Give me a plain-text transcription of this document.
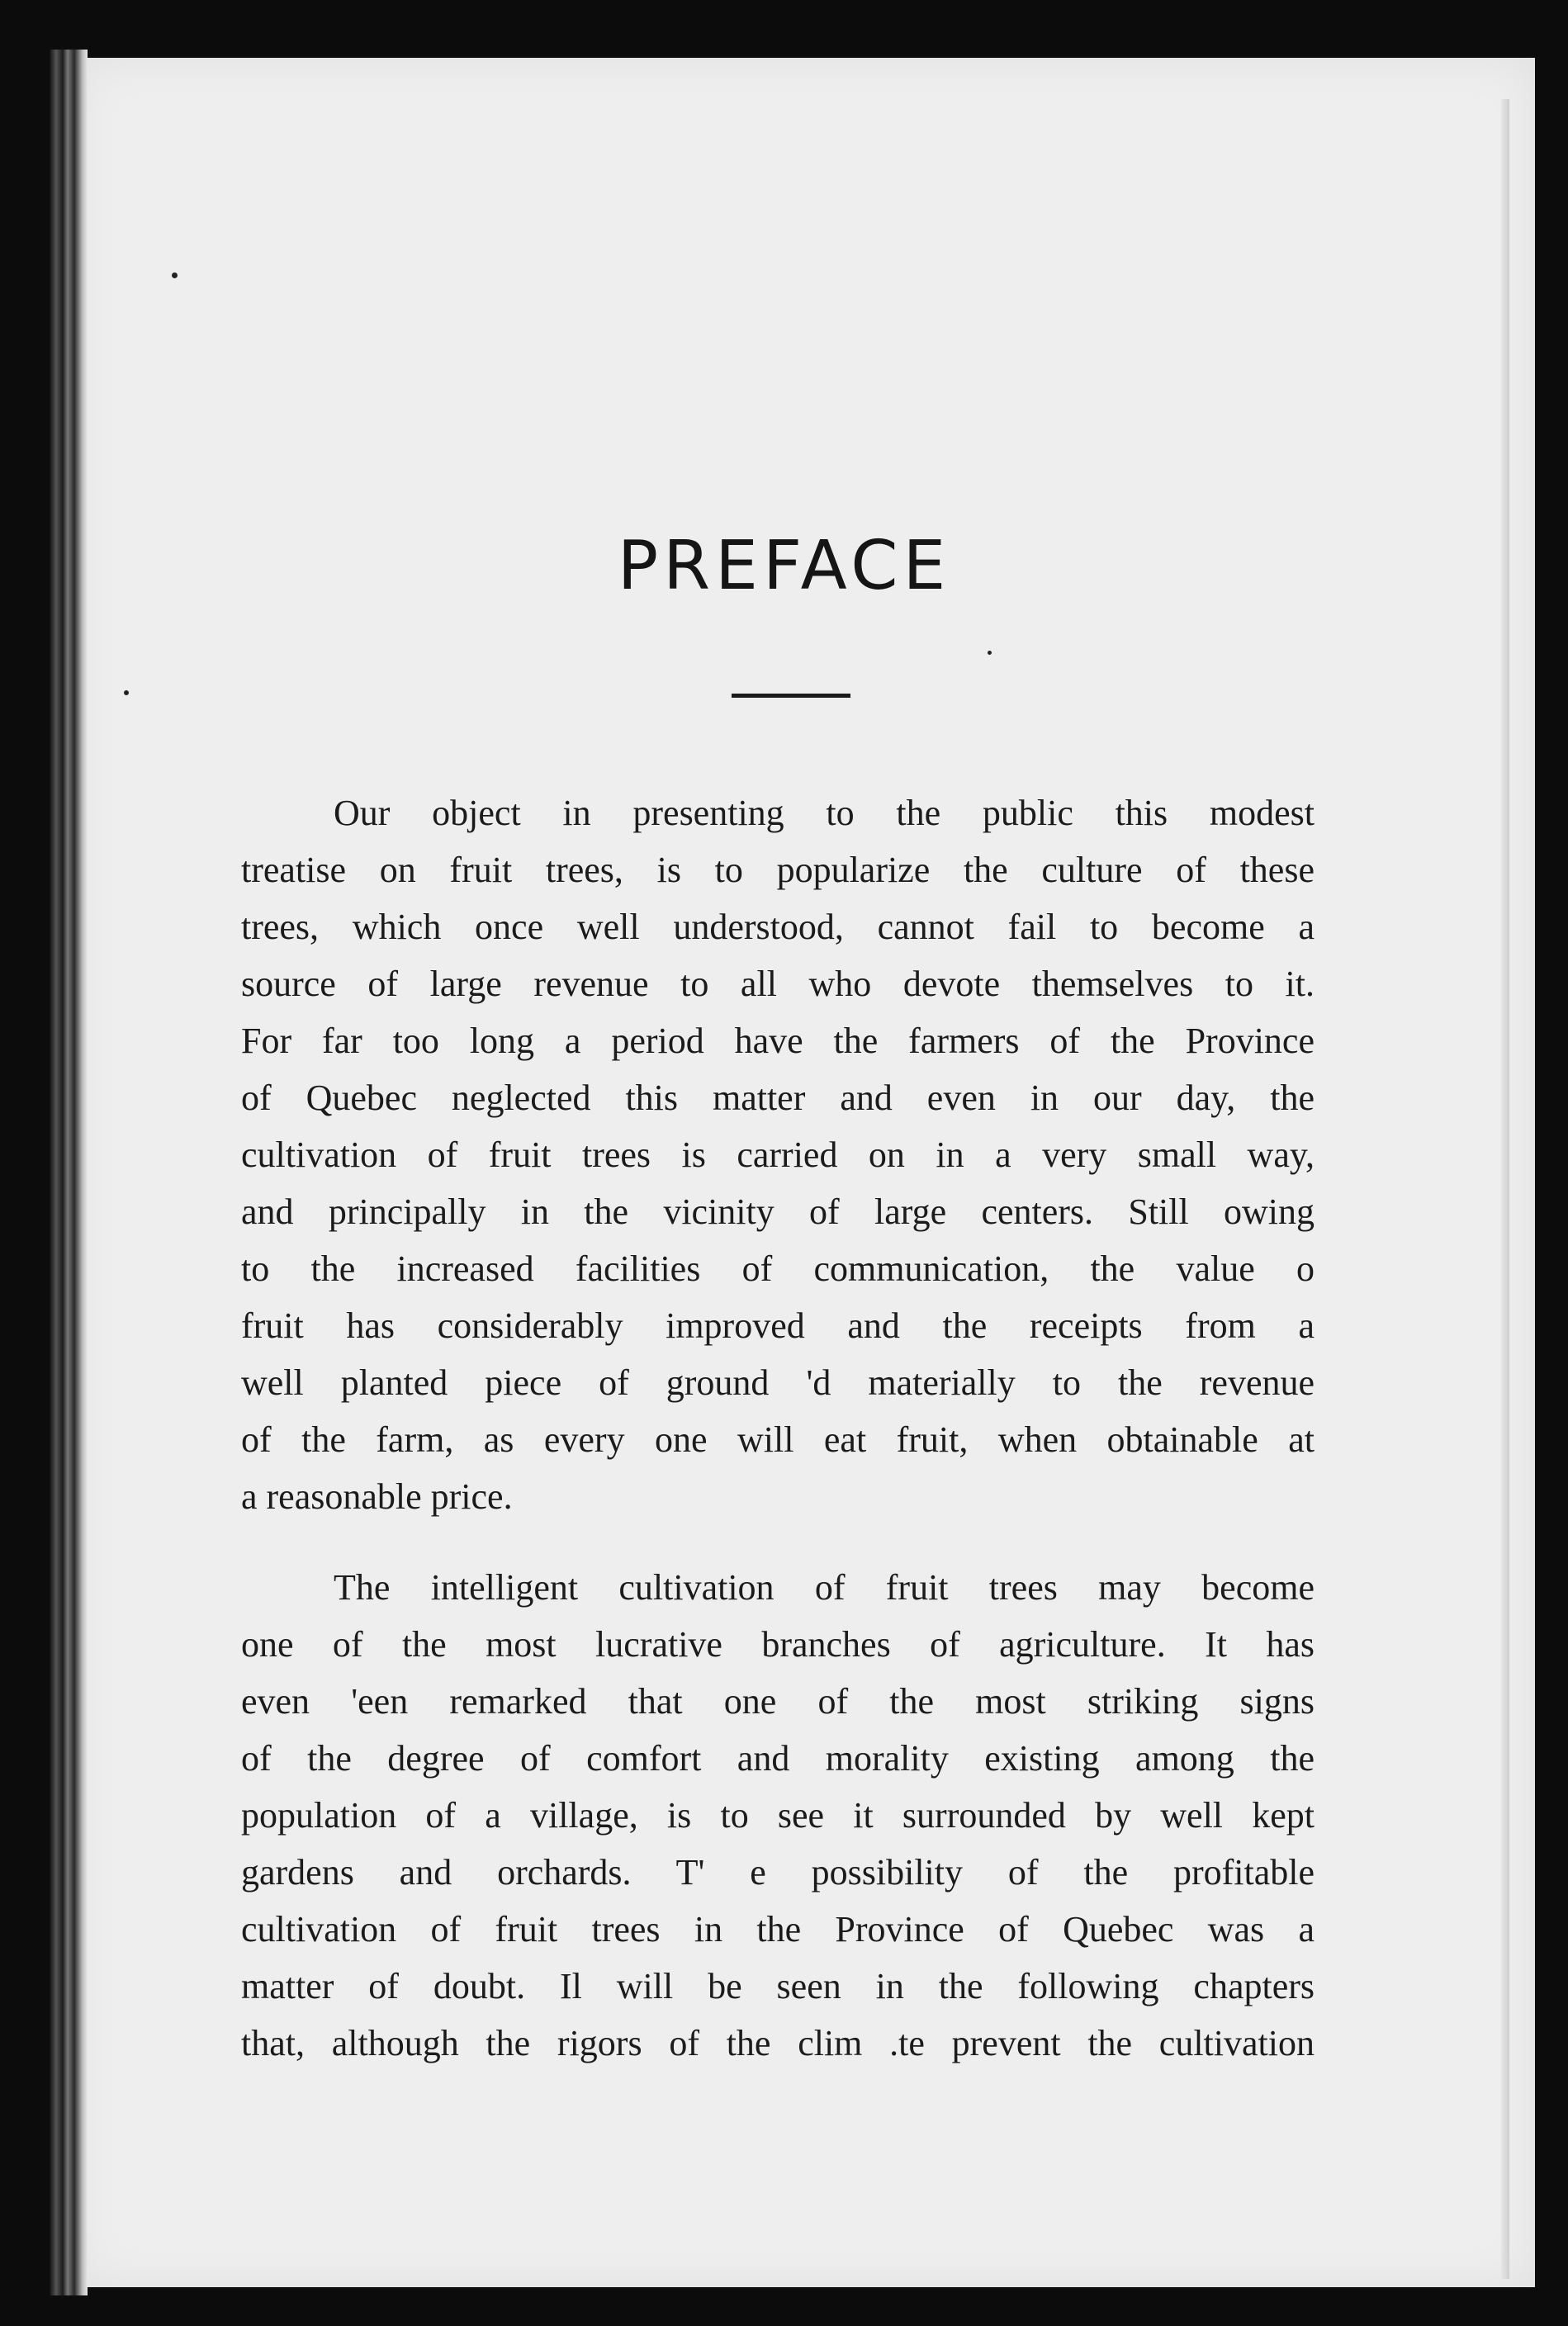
PREFACE

Our object in presenting to the public this modest
treatise on fruit trees, is to popularize the culture of these
trees, which once well understood, cannot fail to become a
source of large revenue to all who devote themselves to it.
For far too long a period have the farmers of the Province
of Quebec neglected this matter and even in our day, the
cultivation of fruit trees is carried on in a very small way,
and principally in the vicinity of large centers. Still owing
to the increased facilities of communication, the value o
fruit has considerably improved and the receipts from a
well planted piece of ground 'd materially to the revenue
of the farm, as every one will eat fruit, when obtainable at
a reasonable price.

The intelligent cultivation of fruit trees may become
one of the most lucrative branches of agriculture. It has
even 'een remarked that one of the most striking signs
of the degree of comfort and morality existing among the
population of a village, is to see it surrounded by well kept
gardens and orchards. T' e possibility of the profitable
cultivation of fruit trees in the Province of Quebec was a
matter of doubt. Il will be seen in the following chapters
that, although the rigors of the clim .te prevent the cultivation
